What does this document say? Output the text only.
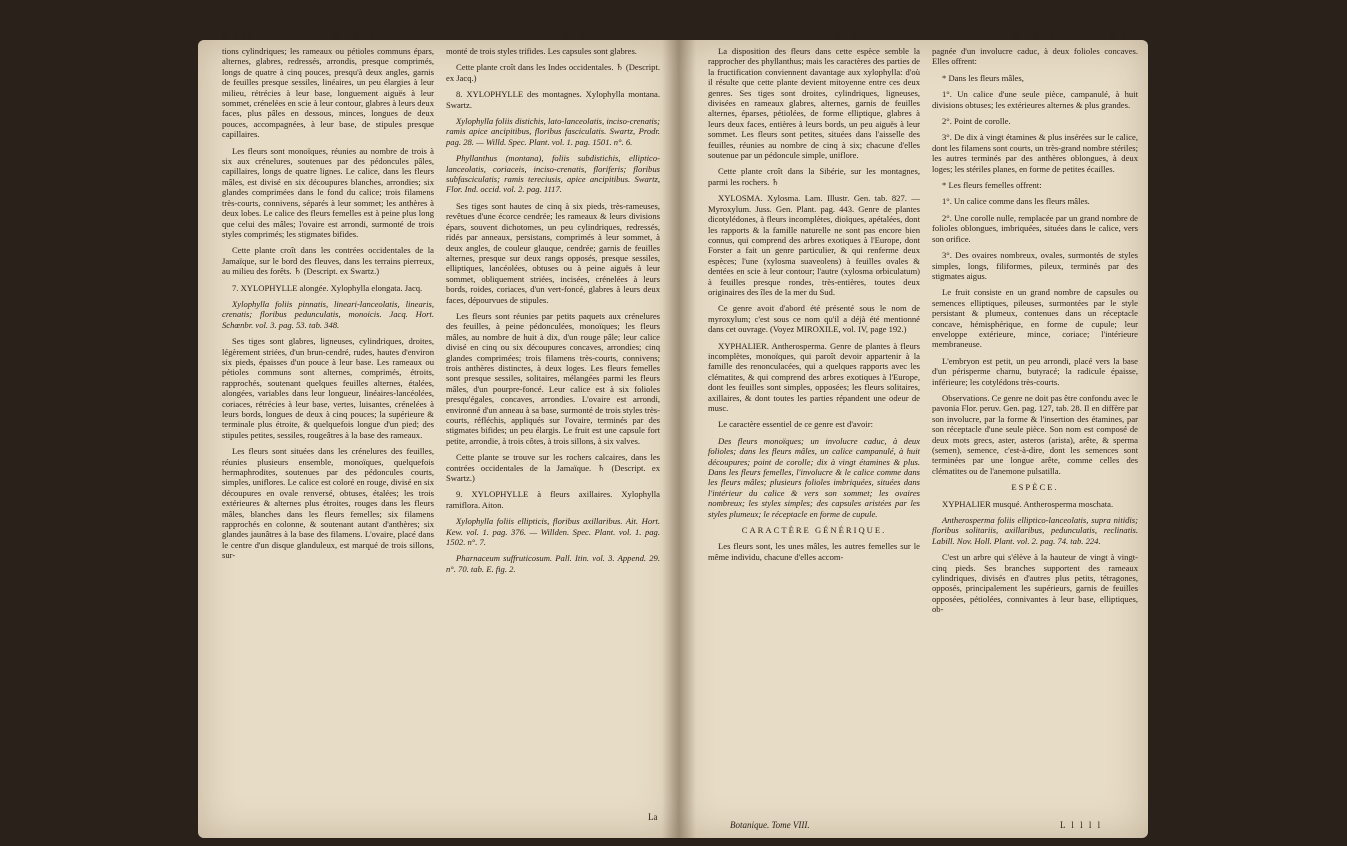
816	X Y L	X Y L	X Y P	X Y P	817

tions cylindriques; les rameaux ou pétioles communs épars, alternes, glabres, redressés, arrondis, presque comprimés, longs de quatre à cinq pouces, presqu'à deux angles, garnis de feuilles presque sessiles, linéaires, un peu élargies à leur milieu, rétrécies à leur base, longuement aiguës à leur sommet, crénelées en scie à leur contour, glabres à leurs deux faces, plus pâles en dessous, minces, longues de deux pouces, accompagnées, à leur base, de stipules presque capillaires.

Les fleurs sont monoïques, réunies au nombre de trois à six aux crénelures, soutenues par des pédoncules pâles, capillaires, longs de quatre lignes. Le calice, dans les fleurs mâles, est divisé en six découpures blanches, arrondies; six glandes comprimées dans le fond du calice; trois filamens très-courts, connivens, séparés à leur sommet; les anthères à deux lobes. Le calice des fleurs femelles est à peine plus long que celui des mâles; l'ovaire est arrondi, surmonté de trois styles comprimés; les stigmates bifides.

Cette plante croît dans les contrées occidentales de la Jamaïque, sur le bord des fleuves, dans les terrains pierreux, au milieu des forêts. ♄ (Descript. ex Swartz.)

7. XYLOPHYLLE alongée. Xylophylla elongata. Jacq.

Xylophylla foliis pinnatis, lineari-lanceolatis, linearis, crenatis; floribus pedunculatis, monoicis. Jacq. Hort. Schœnbr. vol. 3. pag. 53. tab. 348.

Ses tiges sont glabres, ligneuses, cylindriques, droites, légèrement striées, d'un brun-cendré, rudes, hautes d'environ six pieds, épaisses d'un pouce à leur base. Les rameaux ou pétioles communs sont alternes, comprimés, étroits, rapprochés, soutenant quelques feuilles alternes, étalées, alongées, variables dans leur longueur, linéaires-lancéolées, coriaces, rétrécies à leur base, vertes, luisantes, crénelées à leurs bords, longues de deux à cinq pouces; la supérieure & terminale plus étroite, & quelquefois longue d'un pied; des stipules petites, sessiles, rougeâtres à la base des rameaux.

Les fleurs sont situées dans les crénelures des feuilles, réunies plusieurs ensemble, monoïques, quelquefois hermaphrodites, soutenues par des pédoncules courts, simples, uniflores. Le calice est coloré en rouge, divisé en six découpures en ovale renversé, obtuses, étalées; les trois extérieures & alternes plus étroites, rouges dans les fleurs mâles, blanches dans les fleurs femelles; six filamens rapprochés en colonne, & soutenant autant d'anthères; six glandes jaunâtres à la base des filamens. L'ovaire, placé dans le centre d'un disque glanduleux, est marqué de trois sillons, sur-

monté de trois styles trifides. Les capsules sont glabres.

Cette plante croît dans les Indes occidentales. ♄ (Descript. ex Jacq.)

8. XYLOPHYLLE des montagnes. Xylophylla montana. Swartz.

Xylophylla foliis distichis, lato-lanceolatis, inciso-crenatis; ramis apice ancipitibus, floribus fasciculatis. Swartz, Prodr. pag. 28. — Willd. Spec. Plant. vol. 1. pag. 1501. n°. 6.

Phyllanthus (montana), foliis subdistichis, elliptico-lanceolatis, coriaceis, inciso-crenatis, floriferis; floribus subfasciculatis; ramis tereciusis, apice ancipitibus. Swartz, Flor. Ind. occid. vol. 2. pag. 1117.

Ses tiges sont hautes de cinq à six pieds, très-rameuses, revêtues d'une écorce cendrée; les rameaux & leurs divisions épars, souvent dichotomes, un peu cylindriques, redressés, ridés par anneaux, persistans, comprimés à leur sommet, à deux angles, de couleur glauque, cendrée; garnis de feuilles alternes, presque sur deux rangs opposés, presque sessiles, elliptiques, lancéolées, obtuses ou à peine aiguës à leur sommet, obliquement striées, incisées, crénelées à leurs bords, roides, coriaces, d'un vert-foncé, glabres à leurs deux faces, dépourvues de stipules.

Les fleurs sont réunies par petits paquets aux crénelures des feuilles, à peine pédonculées, monoïques; les fleurs mâles, au nombre de huit à dix, d'un rouge pâle; leur calice divisé en cinq ou six découpures concaves, arrondies; cinq glandes comprimées; trois filamens très-courts, connivens; trois anthères distinctes, à deux loges. Les fleurs femelles sont presque sessiles, solitaires, mélangées parmi les fleurs mâles, d'un pourpre-foncé. Leur calice est à six folioles presqu'égales, concaves, arrondies. L'ovaire est arrondi, environné d'un anneau à sa base, surmonté de trois styles très-courts, réfléchis, appliqués sur l'ovaire, terminés par des stigmates bifides; un peu élargis. Le fruit est une capsule fort petite, arrondie, à trois côtes, à trois sillons, à six valves.

Cette plante se trouve sur les rochers calcaires, dans les contrées occidentales de la Jamaïque. ♄ (Descript. ex Swartz.)

9. XYLOPHYLLE à fleurs axillaires. Xylophylla ramiflora. Aiton.

Xylophylla foliis ellipticis, floribus axillaribus. Ait. Hort. Kew. vol. 1. pag. 376. — Willden. Spec. Plant. vol. 1. pag. 1502. n°. 7.

Pharnaceum suffruticosum. Pall. Itin. vol. 3. Append. 29. n°. 70. tab. E. fig. 2.

La

La disposition des fleurs dans cette espèce semble la rapprocher des phyllanthus; mais les caractères des parties de la fructification conviennent davantage aux xylophylla: d'où il résulte que cette plante devient mitoyenne entre ces deux genres. Ses tiges sont droites, cylindriques, ligneuses, divisées en rameaux glabres, alternes, garnis de feuilles alternes, éparses, pétiolées, de forme elliptique, glabres à leurs deux faces, entières à leurs bords, un peu aiguës à leur sommet. Les fleurs sont petites, situées dans l'aisselle des feuilles, réunies au nombre de cinq à six; chacune d'elles soutenue par un pédoncule simple, uniflore.

Cette plante croît dans la Sibérie, sur les montagnes, parmi les rochers. ♄

XYLOSMA. Xylosma. Lam. Illustr. Gen. tab. 827. — Myroxylum. Juss. Gen. Plant. pag. 443. Genre de plantes dicotylédones, à fleurs incomplètes, dioïques, apétalées, dont les rapports & la famille naturelle ne sont pas encore bien connus, qui comprend des arbres exotiques à l'Europe, dont Forster a fait un genre particulier, & qui renferme deux espèces; l'une (xylosma suaveolens) à feuilles ovales & dentées en scie à leur contour; l'autre (xylosma orbiculatum) à feuilles presque rondes, très-entières, toutes deux originaires des îles de la mer du Sud.

Ce genre avoit d'abord été présenté sous le nom de myroxylum; c'est sous ce nom qu'il a déjà été mentionné dans cet ouvrage. (Voyez MIROXILE, vol. IV, page 192.)

XYPHALIER. Antherosperma. Genre de plantes à fleurs incomplètes, monoïques, qui paroît devoir appartenir à la famille des renonculacées, qui a quelques rapports avec les clématites, & qui comprend des arbres exotiques à l'Europe, dont les feuilles sont simples, opposées; les fleurs solitaires, axillaires, & dont toutes les parties répandent une odeur de musc.

Le caractère essentiel de ce genre est d'avoir:

Des fleurs monoïques; un involucre caduc, à deux folioles; dans les fleurs mâles, un calice campanulé, à huit découpures; point de corolle; dix à vingt étamines & plus. Dans les fleurs femelles, l'involucre & le calice comme dans les fleurs mâles; plusieurs folioles imbriquées, situées dans l'intérieur du calice & vers son sommet; les ovaires nombreux; les styles simples; des capsules aristées par les styles plumeux; le réceptacle en forme de cupule.

CARACTÈRE GÉNÉRIQUE.

Les fleurs sont, les unes mâles, les autres femelles sur le même individu, chacune d'elles accom-

pagnée d'un involucre caduc, à deux folioles concaves. Elles offrent:

* Dans les fleurs mâles,

1°. Un calice d'une seule pièce, campanulé, à huit divisions obtuses; les extérieures alternes & plus grandes.

2°. Point de corolle.

3°. De dix à vingt étamines & plus insérées sur le calice, dont les filamens sont courts, un très-grand nombre stériles; les autres terminés par des anthères oblongues, à deux loges; les stériles planes, en forme de petites écailles.

* Les fleurs femelles offrent:

1°. Un calice comme dans les fleurs mâles.

2°. Une corolle nulle, remplacée par un grand nombre de folioles oblongues, imbriquées, situées dans le calice, vers son orifice.

3°. Des ovaires nombreux, ovales, surmontés de styles simples, longs, filiformes, pileux, terminés par des stigmates aigus.

Le fruit consiste en un grand nombre de capsules ou semences elliptiques, pileuses, surmontées par le style persistant & plumeux, contenues dans un réceptacle concave, hémisphérique, en forme de cupule; leur enveloppe extérieure, mince, coriace; l'intérieure membraneuse.

L'embryon est petit, un peu arrondi, placé vers la base d'un périsperme charnu, butyracé; la radicule épaisse, inférieure; les cotylédons très-courts.

Observations. Ce genre ne doit pas être confondu avec le pavonia Flor. peruv. Gen. pag. 127, tab. 28. Il en diffère par son involucre, par la forme & l'insertion des étamines, par son réceptacle d'une seule pièce. Son nom est composé de deux mots grecs, aster, asteros (arista), arête, & sperma (semen), semence, c'est-à-dire, dont les semences sont terminées par une longue arête, comme celles des clématites ou de l'anemone pulsatilla.

ESPÈCE.

XYPHALIER musqué. Antherosperma moschata.

Antherosperma foliis elliptico-lanceolatis, supra nitidis; floribus solitariis, axillaribus, pedunculatis, reclinatis. Labill. Nov. Holl. Plant. vol. 2. pag. 74. tab. 224.

C'est un arbre qui s'élève à la hauteur de vingt à vingt-cinq pieds. Ses branches supportent des rameaux cylindriques, divisés en d'autres plus petits, tétragones, opposés, principalement les supérieurs, garnis de feuilles opposées, pétiolées, connivantes à leur base, elliptiques, ob-

Botanique. Tome VIII.	L l l l l
